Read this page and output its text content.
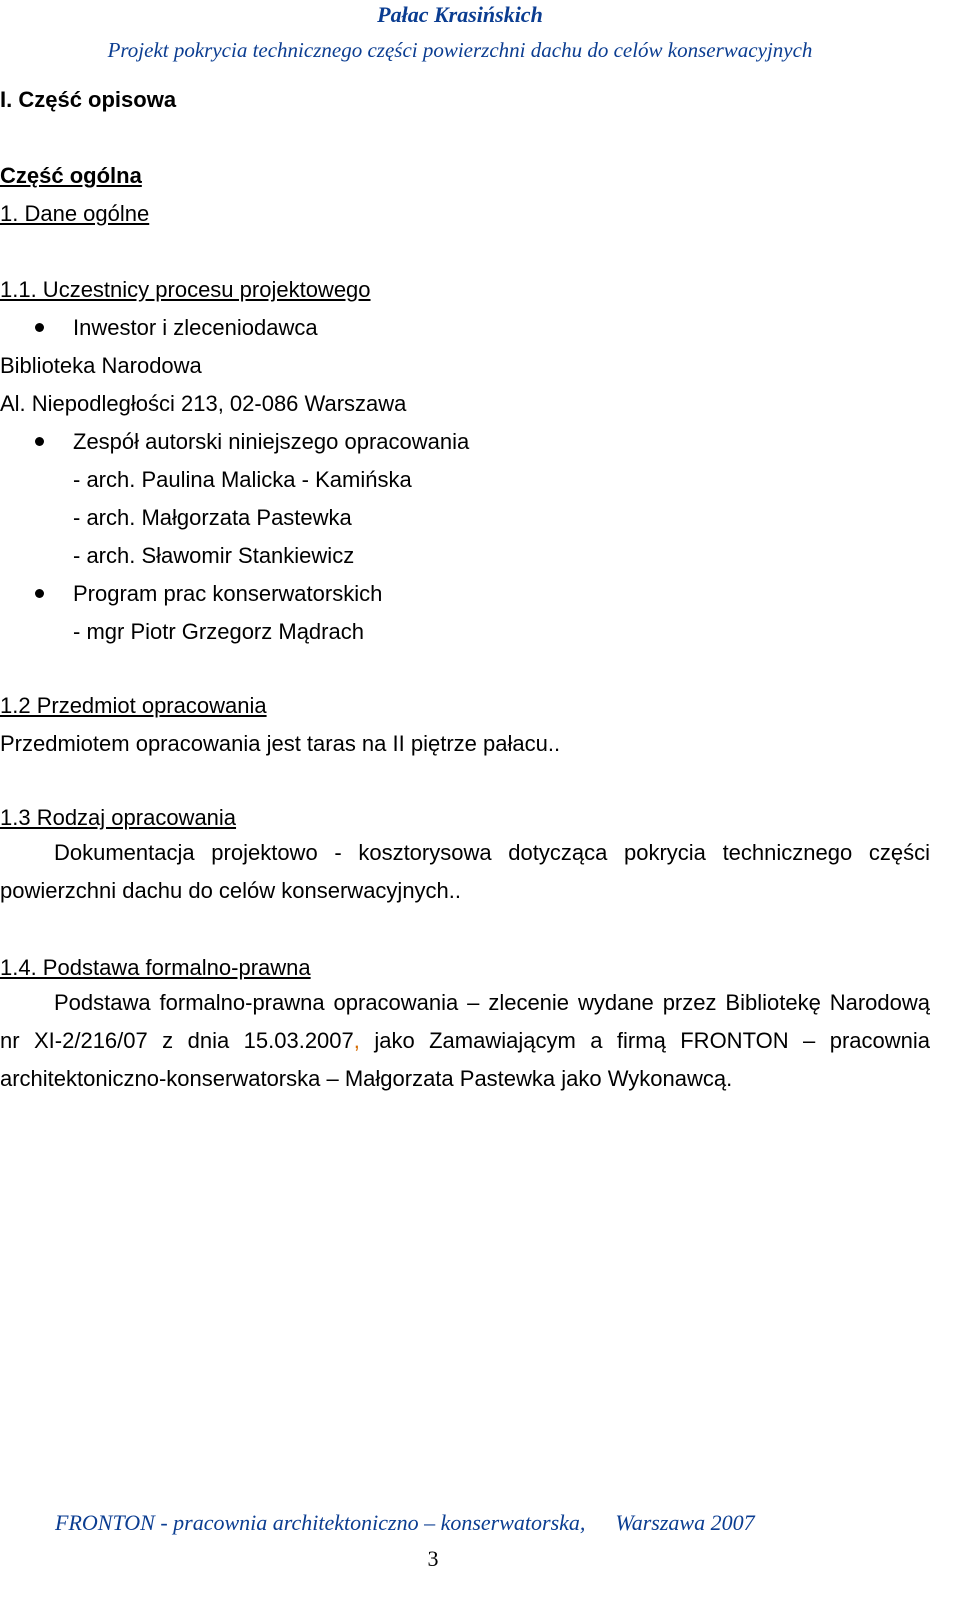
Pałac Krasińskich
Projekt pokrycia technicznego części powierzchni dachu do celów konserwacyjnych
I. Część opisowa
Część ogólna
1. Dane ogólne
1.1. Uczestnicy procesu projektowego
Inwestor i zleceniodawca
Biblioteka Narodowa
Al. Niepodległości 213, 02-086 Warszawa
Zespół autorski niniejszego opracowania
- arch. Paulina Malicka - Kamińska
- arch. Małgorzata Pastewka
- arch. Sławomir Stankiewicz
Program prac konserwatorskich
- mgr Piotr Grzegorz Mądrach
1.2 Przedmiot opracowania
Przedmiotem opracowania jest taras na II piętrze pałacu..
1.3 Rodzaj opracowania
Dokumentacja projektowo - kosztorysowa dotycząca pokrycia technicznego części powierzchni dachu do celów konserwacyjnych..
1.4. Podstawa formalno-prawna
Podstawa formalno-prawna opracowania – zlecenie wydane przez Bibliotekę Narodową nr XI-2/216/07 z dnia 15.03.2007, jako Zamawiającym a firmą FRONTON – pracownia architektoniczno-konserwatorska – Małgorzata Pastewka jako Wykonawcą.
FRONTON - pracownia architektoniczno – konserwatorska, Warszawa 2007
3
